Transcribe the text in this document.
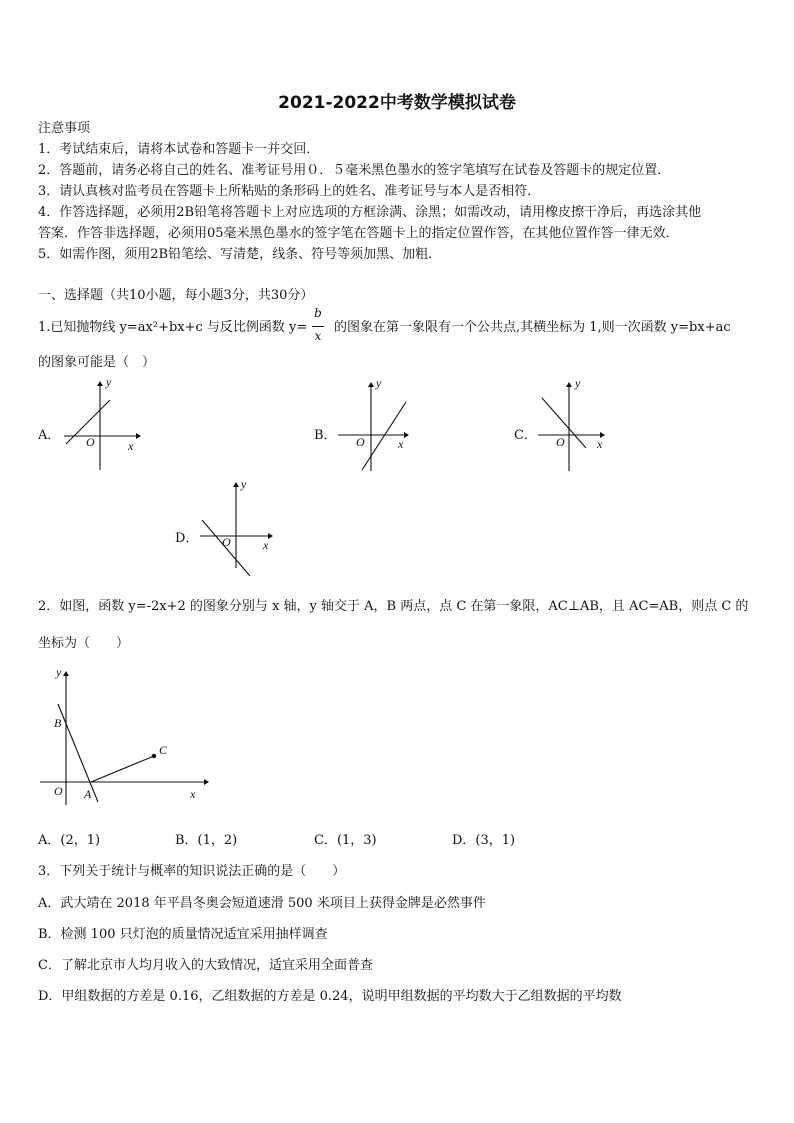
2021-2022中考数学模拟试卷
注意事项
1．考试结束后，请将本试卷和答题卡一并交回．
2．答题前，请务必将自己的姓名、准考证号用０．５毫米黑色墨水的签字笔填写在试卷及答题卡的规定位置．
3．请认真核对监考员在答题卡上所粘贴的条形码上的姓名、准考证号与本人是否相符．
4．作答选择题，必须用2B铅笔将答题卡上对应选项的方框涂满、涂黑；如需改动，请用橡皮擦干净后，再选涂其他
答案．作答非选择题，必须用05毫米黑色墨水的签字笔在答题卡上的指定位置作答，在其他位置作答一律无效．
5．如需作图，须用2B铅笔绘、写清楚，线条、符号等须加黑、加粗．
一、选择题（共10小题，每小题3分，共30分）
1.已知抛物线 y=ax²+bx+c 与反比例函数 y=
b
x
的图象在第一象限有一个公共点,其横坐标为 1,则一次函数 y=bx+ac
的图象可能是（　）
A．	B．	C．
D．
y
x
O
y
x
O
y
x
O
y
x
O
2．如图，函数 y=-2x+2 的图象分别与 x 轴，y 轴交于 A，B 两点，点 C 在第一象限，AC⊥AB，且 AC=AB，则点 C 的
坐标为（　　）
y
x
O A
B
C
A．(2，1)	B．(1，2)	C．(1，3)	D．(3，1)
3．下列关于统计与概率的知识说法正确的是（　　）
A．武大靖在 2018 年平昌冬奥会短道速滑 500 米项目上获得金牌是必然事件
B．检测 100 只灯泡的质量情况适宜采用抽样调查
C．了解北京市人均月收入的大致情况，适宜采用全面普查
D．甲组数据的方差是 0.16，乙组数据的方差是 0.24，说明甲组数据的平均数大于乙组数据的平均数
